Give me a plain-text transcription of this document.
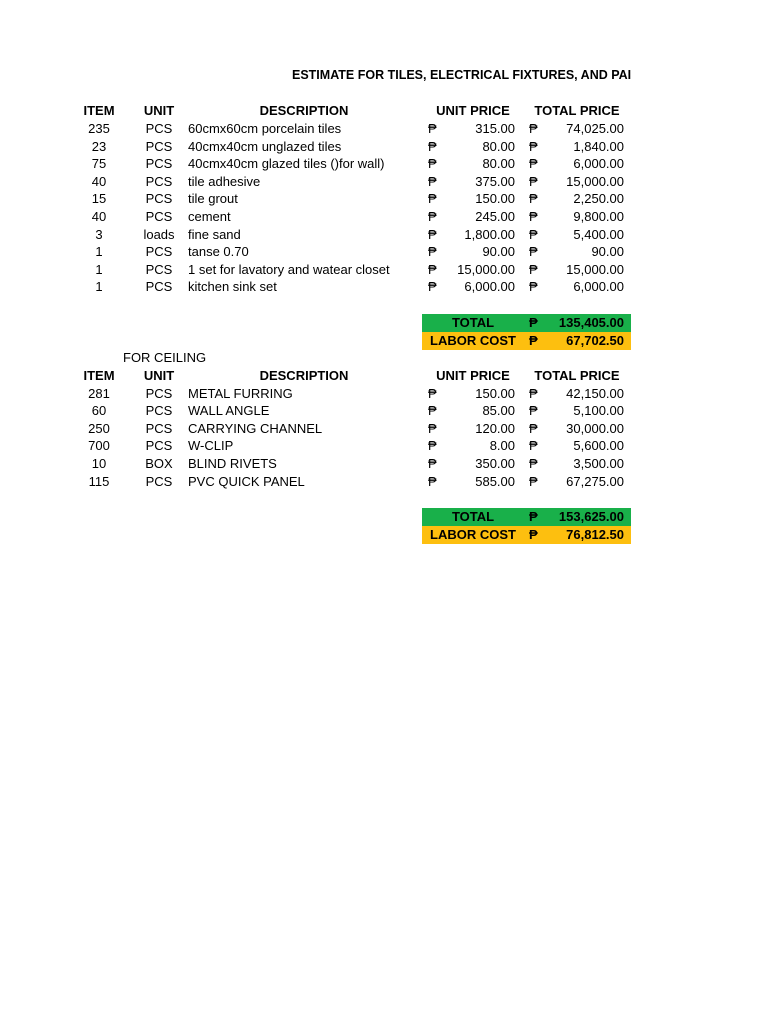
ESTIMATE FOR TILES, ELECTRICAL FIXTURES, AND PAI
ITEM	UNIT	DESCRIPTION	UNIT PRICE	TOTAL PRICE
235	PCS	60cmx60cm porcelain tiles	₱	315.00 ₱	74,025.00
23	PCS	40cmx40cm unglazed tiles	₱	80.00 ₱	1,840.00
75	PCS	40cmx40cm glazed tiles ()for wall)	₱	80.00 ₱	6,000.00
40	PCS	tile adhesive	₱	375.00 ₱	15,000.00
15	PCS	tile grout	₱	150.00 ₱	2,250.00
40	PCS	cement	₱	245.00 ₱	9,800.00
3	loads	fine sand	₱	1,800.00 ₱	5,400.00
1	PCS	tanse 0.70	₱	90.00 ₱	90.00
1	PCS	1 set for lavatory and watear closet	₱	15,000.00 ₱	15,000.00
1	PCS	kitchen sink set	₱	6,000.00 ₱	6,000.00
TOTAL	₱	135,405.00
LABOR COST	₱	67,702.50
FOR CEILING
ITEM	UNIT	DESCRIPTION	UNIT PRICE	TOTAL PRICE
281	PCS	METAL FURRING	₱	150.00 ₱	42,150.00
60	PCS	WALL ANGLE	₱	85.00 ₱	5,100.00
250	PCS	CARRYING CHANNEL	₱	120.00 ₱	30,000.00
700	PCS	W-CLIP	₱	8.00 ₱	5,600.00
10	BOX	BLIND RIVETS	₱	350.00 ₱	3,500.00
115	PCS	PVC QUICK PANEL	₱	585.00 ₱	67,275.00
TOTAL	₱	153,625.00
LABOR COST	₱	76,812.50
